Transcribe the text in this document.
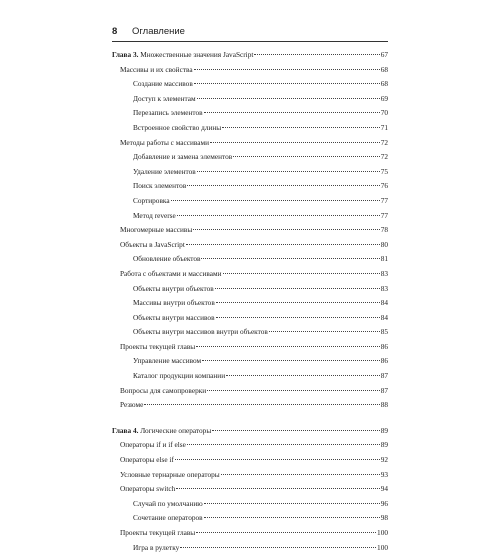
8	Оглавление
Глава 3. Множественные значения JavaScript	67
Массивы и их свойства	68
Создание массивов	68
Доступ к элементам	69
Перезапись элементов	70
Встроенное свойство длины	71
Методы работы с массивами	72
Добавление и замена элементов	72
Удаление элементов	75
Поиск элементов	76
Сортировка	77
Метод reverse	77
Многомерные массивы	78
Объекты в JavaScript	80
Обновление объектов	81
Работа с объектами и массивами	83
Объекты внутри объектов	83
Массивы внутри объектов	84
Объекты внутри массивов	84
Объекты внутри массивов внутри объектов	85
Проекты текущей главы	86
Управление массивом	86
Каталог продукции компании	87
Вопросы для самопроверки	87
Резюме	88
Глава 4. Логические операторы	89
Операторы if и if else	89
Операторы else if	92
Условные тернарные операторы	93
Операторы switch	94
Случай по умолчанию	96
Сочетание операторов	98
Проекты текущей главы	100
Игра в рулетку	100
